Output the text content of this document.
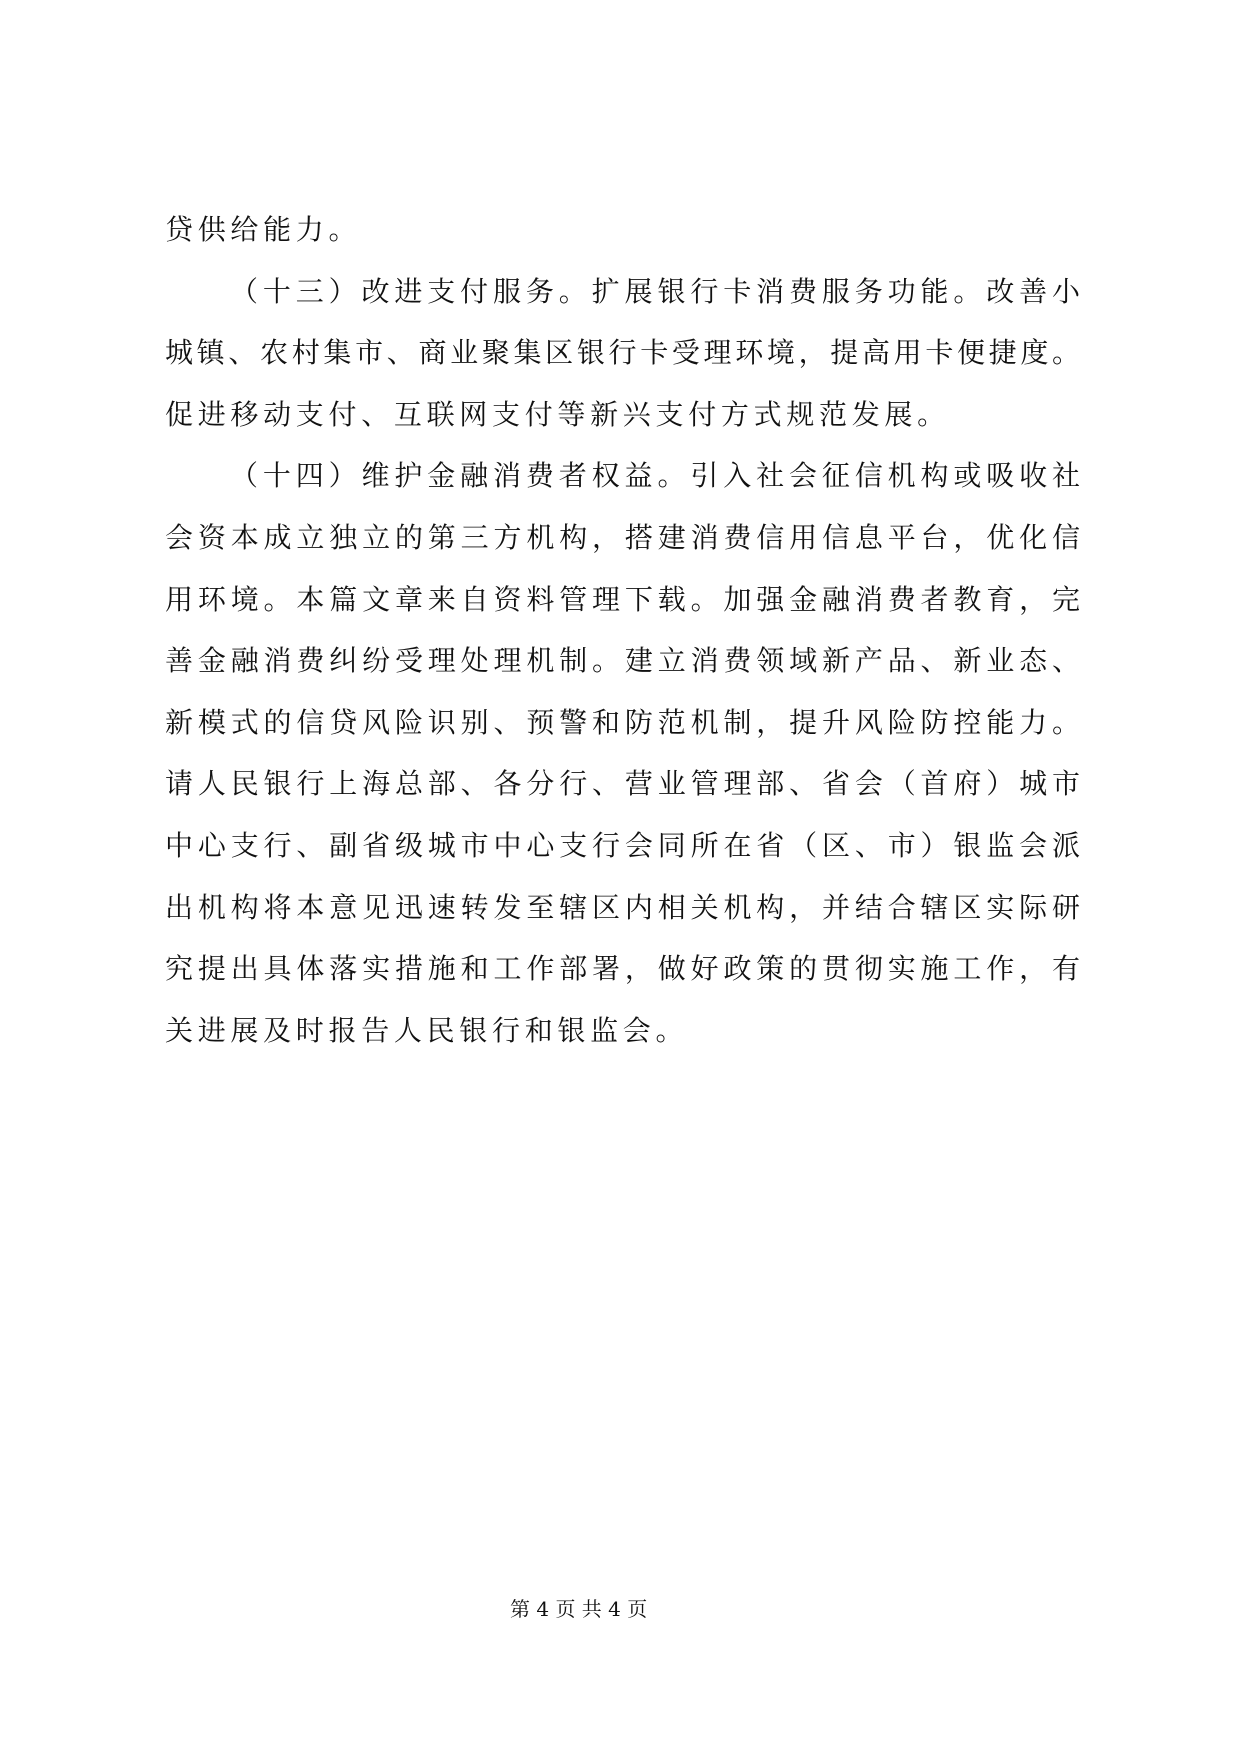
贷供给能力。
（十三）改进支付服务。扩展银行卡消费服务功能。改善小
城镇、农村集市、商业聚集区银行卡受理环境，提高用卡便捷度。
促进移动支付、互联网支付等新兴支付方式规范发展。
（十四）维护金融消费者权益。引入社会征信机构或吸收社
会资本成立独立的第三方机构，搭建消费信用信息平台，优化信
用环境。本篇文章来自资料管理下载。加强金融消费者教育，完
善金融消费纠纷受理处理机制。建立消费领域新产品、新业态、
新模式的信贷风险识别、预警和防范机制，提升风险防控能力。
请人民银行上海总部、各分行、营业管理部、省会（首府）城市
中心支行、副省级城市中心支行会同所在省（区、市）银监会派
出机构将本意见迅速转发至辖区内相关机构，并结合辖区实际研
究提出具体落实措施和工作部署，做好政策的贯彻实施工作，有
关进展及时报告人民银行和银监会。
第 4 页 共 4 页
